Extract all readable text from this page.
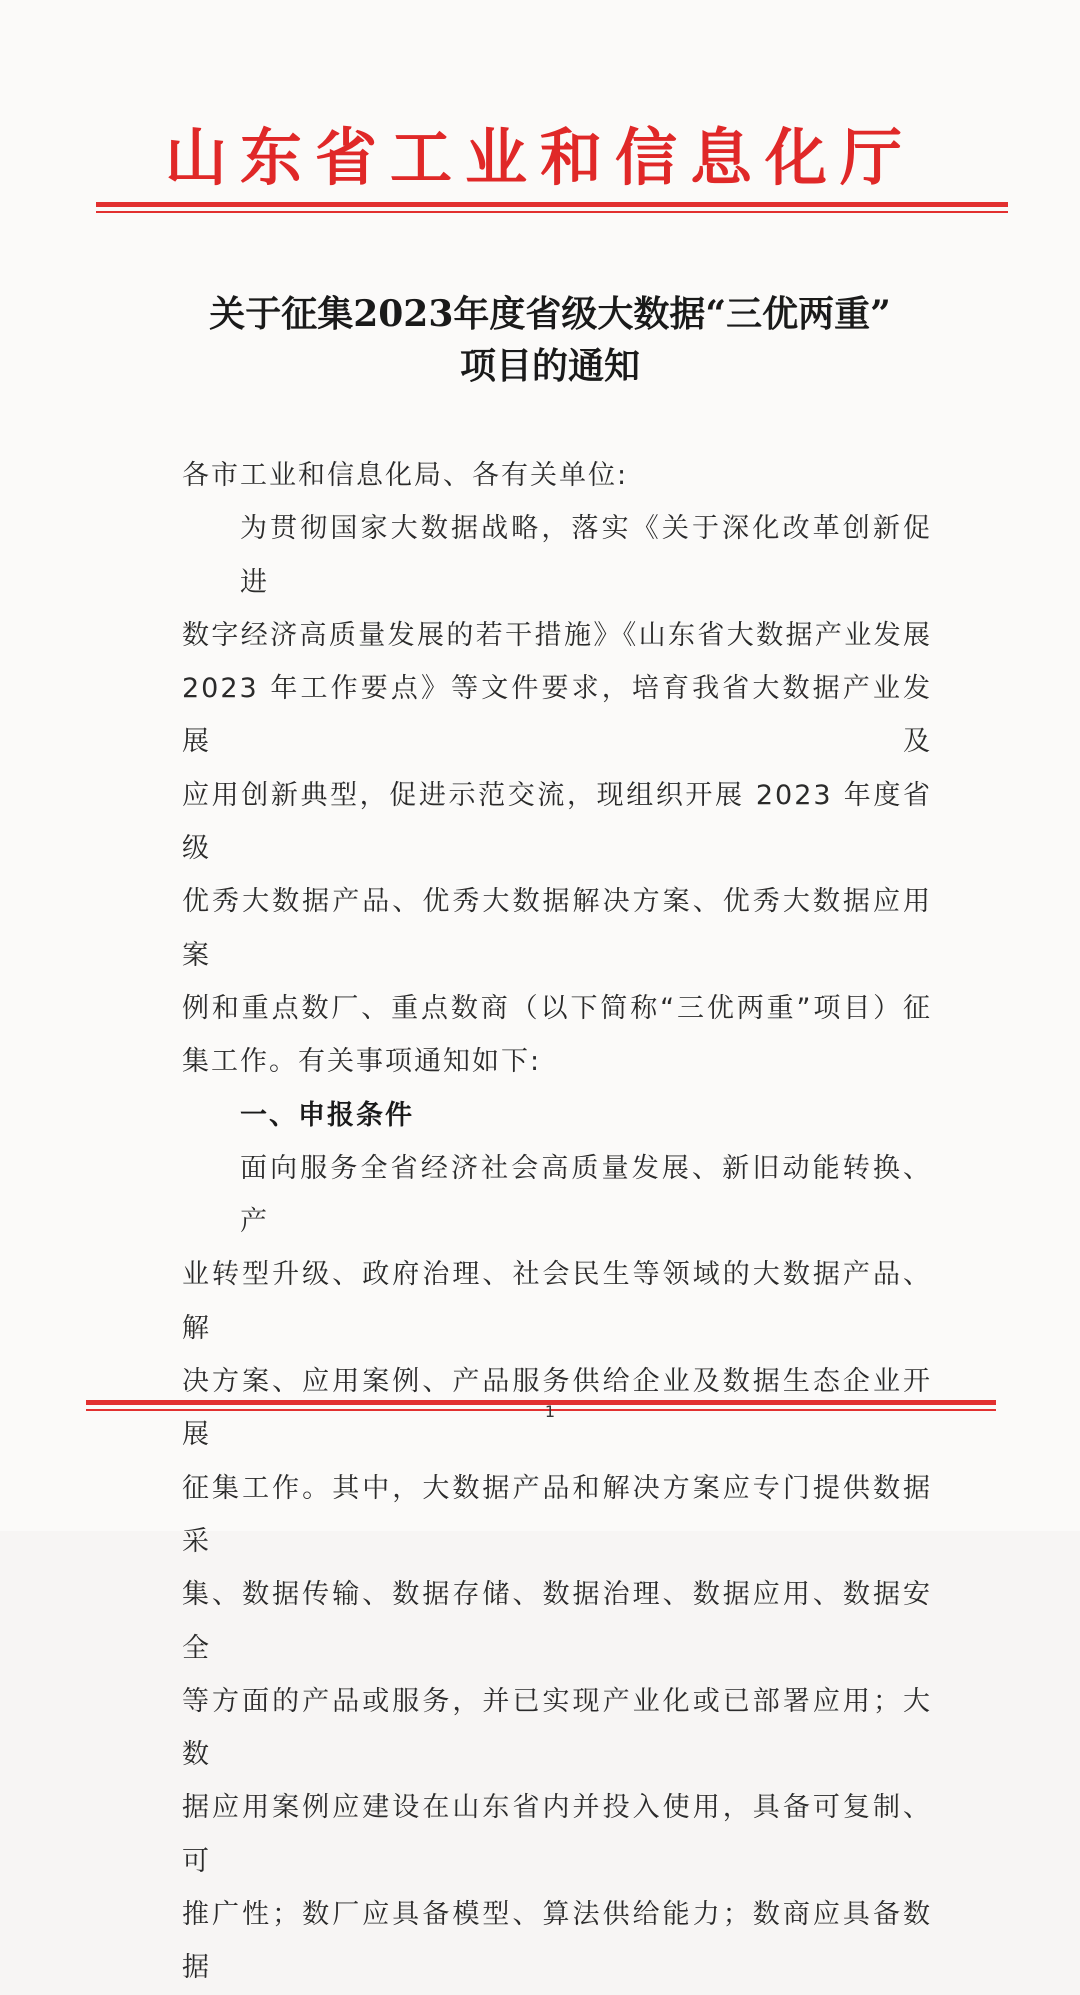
山东省工业和信息化厅
关于征集2023年度省级大数据“三优两重”
项目的通知
各市工业和信息化局、各有关单位:
为贯彻国家大数据战略，落实《关于深化改革创新促进
数字经济高质量发展的若干措施》《山东省大数据产业发展
2023 年工作要点》等文件要求，培育我省大数据产业发展及
应用创新典型，促进示范交流，现组织开展 2023 年度省级
优秀大数据产品、优秀大数据解决方案、优秀大数据应用案
例和重点数厂、重点数商（以下简称“三优两重”项目）征
集工作。有关事项通知如下:
一、申报条件
面向服务全省经济社会高质量发展、新旧动能转换、产
业转型升级、政府治理、社会民生等领域的大数据产品、解
决方案、应用案例、产品服务供给企业及数据生态企业开展
征集工作。其中，大数据产品和解决方案应专门提供数据采
集、数据传输、数据存储、数据治理、数据应用、数据安全
等方面的产品或服务，并已实现产业化或已部署应用；大数
据应用案例应建设在山东省内并投入使用，具备可复制、可
推广性；数厂应具备模型、算法供给能力；数商应具备数据
1
